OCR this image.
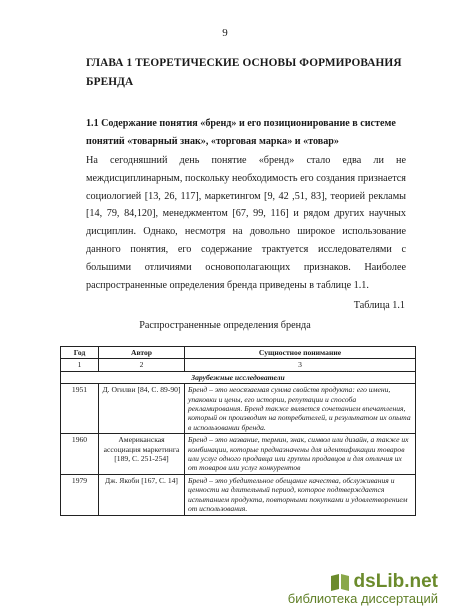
9
ГЛАВА 1 ТЕОРЕТИЧЕСКИЕ ОСНОВЫ ФОРМИРОВАНИЯ БРЕНДА
1.1 Содержание понятия «бренд» и его позиционирование в системе понятий «товарный знак», «торговая марка» и «товар»
На сегодняшний день понятие «бренд» стало едва ли не междисциплинарным, поскольку необходимость его создания признается социологией [13, 26, 117], маркетингом [9, 42 ,51, 83], теорией рекламы [14, 79, 84,120], менеджментом [67, 99, 116] и рядом других научных дисциплин. Однако, несмотря на довольно широкое использование данного понятия, его содержание трактуется исследователями с большими отличиями основополагающих признаков. Наиболее распространенные определения бренда приведены в таблице 1.1.
Таблица 1.1
Распространенные определения бренда
Год	Автор	Сущностное понимание
1	2	3
Зарубежные исследователи		
1951	Д. Огилви [84, С. 89-90]	Бренд – это неосязаемая сумма свойств продукта: его имени, упаковки и цены, его истории, репутации и способа рекламирования. Бренд также является сочетанием впечатления, который он производит на потребителей, и результатом их опыта в использовании бренда.
1960	Американская ассоциация маркетинга [189, С. 251-254]	Бренд – это название, термин, знак, символ или дизайн, а также их комбинации, которые предназначены для идентификации товаров или услуг одного продавца или группы продавцов и для отличия их от товаров или услуг конкурентов
1979	Дж. Якоби [167, С. 14]	Бренд – это убедительное обещание качества, обслуживания и ценности на длительный период, которое подтверждается испытанием продукта, повторными покупками и удовлетворением от использования.
dsLib.net
библиотека диссертаций
